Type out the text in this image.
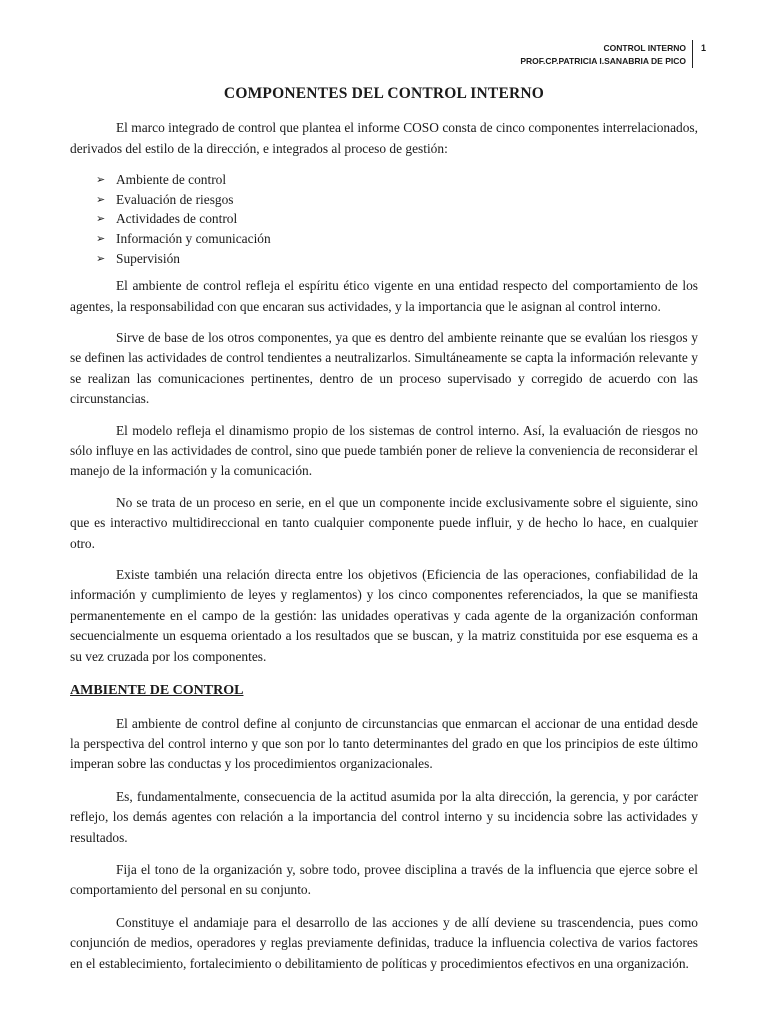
CONTROL INTERNO
PROF.CP.PATRICIA I.SANABRIA DE PICO
1
COMPONENTES DEL CONTROL INTERNO

El marco integrado de control que plantea el informe COSO consta de cinco componentes interrelacionados, derivados del estilo de la dirección, e integrados al proceso de gestión:

➢ Ambiente de control
➢ Evaluación de riesgos
➢ Actividades de control
➢ Información y comunicación
➢ Supervisión

El ambiente de control refleja el espíritu ético vigente en una entidad respecto del comportamiento de los agentes, la responsabilidad con que encaran sus actividades, y la importancia que le asignan al control interno.

Sirve de base de los otros componentes, ya que es dentro del ambiente reinante que se evalúan los riesgos y se definen las actividades de control tendientes a neutralizarlos. Simultáneamente se capta la información relevante y se realizan las comunicaciones pertinentes, dentro de un proceso supervisado y corregido de acuerdo con las circunstancias.

El modelo refleja el dinamismo propio de los sistemas de control interno. Así, la evaluación de riesgos no sólo influye en las actividades de control, sino que puede también poner de relieve la conveniencia de reconsiderar el manejo de la información y la comunicación.

No se trata de un proceso en serie, en el que un componente incide exclusivamente sobre el siguiente, sino que es interactivo multidireccional en tanto cualquier componente puede influir, y de hecho lo hace, en cualquier otro.

Existe también una relación directa entre los objetivos (Eficiencia de las operaciones, confiabilidad de la información y cumplimiento de leyes y reglamentos) y los cinco componentes referenciados, la que se manifiesta permanentemente en el campo de la gestión: las unidades operativas y cada agente de la organización conforman secuencialmente un esquema orientado a los resultados que se buscan, y la matriz constituida por ese esquema es a su vez cruzada por los componentes.

AMBIENTE DE CONTROL

El ambiente de control define al conjunto de circunstancias que enmarcan el accionar de una entidad desde la perspectiva del control interno y que son por lo tanto determinantes del grado en que los principios de este último imperan sobre las conductas y los procedimientos organizacionales.

Es, fundamentalmente, consecuencia de la actitud asumida por la alta dirección, la gerencia, y por carácter reflejo, los demás agentes con relación a la importancia del control interno y su incidencia sobre las actividades y resultados.

Fija el tono de la organización y, sobre todo, provee disciplina a través de la influencia que ejerce sobre el comportamiento del personal en su conjunto.

Constituye el andamiaje para el desarrollo de las acciones y de allí deviene su trascendencia, pues como conjunción de medios, operadores y reglas previamente definidas, traduce la influencia colectiva de varios factores en el establecimiento, fortalecimiento o debilitamiento de políticas y procedimientos efectivos en una organización.
